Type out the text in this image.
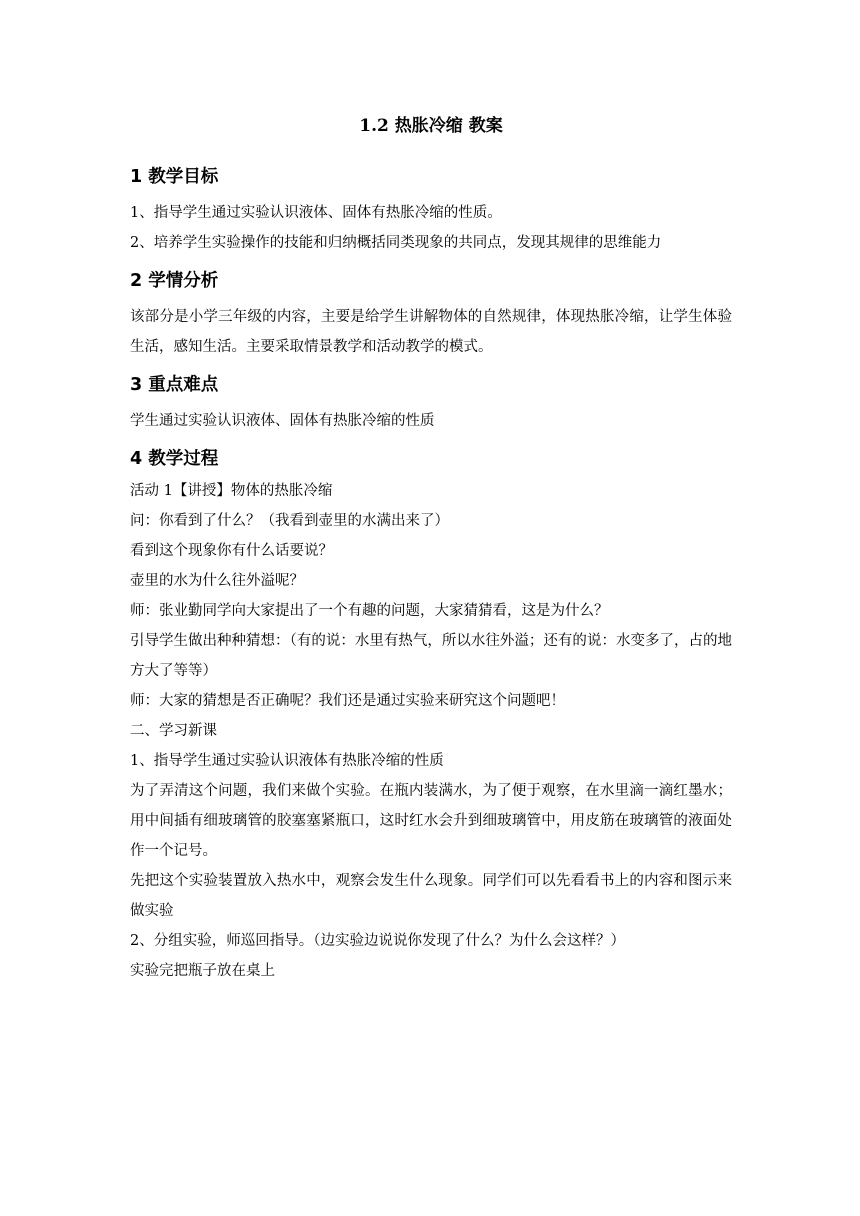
1.2 热胀冷缩 教案
1 教学目标

1、指导学生通过实验认识液体、固体有热胀冷缩的性质。

2、培养学生实验操作的技能和归纳概括同类现象的共同点，发现其规律的思维能力

2 学情分析

该部分是小学三年级的内容，主要是给学生讲解物体的自然规律，体现热胀冷缩，让学生体验生活，感知生活。主要采取情景教学和活动教学的模式。

3 重点难点

学生通过实验认识液体、固体有热胀冷缩的性质

4 教学过程

活动 1【讲授】物体的热胀冷缩

问：你看到了什么？（我看到壶里的水满出来了）

看到这个现象你有什么话要说？

壶里的水为什么往外溢呢？

师：张业勤同学向大家提出了一个有趣的问题，大家猜猜看，这是为什么？

引导学生做出种种猜想：（有的说：水里有热气，所以水往外溢；还有的说：水变多了，占的地方大了等等）

师：大家的猜想是否正确呢？我们还是通过实验来研究这个问题吧！

二、学习新课

1、指导学生通过实验认识液体有热胀冷缩的性质

为了弄清这个问题，我们来做个实验。在瓶内装满水，为了便于观察，在水里滴一滴红墨水；用中间插有细玻璃管的胶塞塞紧瓶口，这时红水会升到细玻璃管中，用皮筋在玻璃管的液面处作一个记号。

先把这个实验装置放入热水中，观察会发生什么现象。同学们可以先看看书上的内容和图示来做实验

2、分组实验，师巡回指导。（边实验边说说你发现了什么？为什么会这样？）

实验完把瓶子放在桌上
